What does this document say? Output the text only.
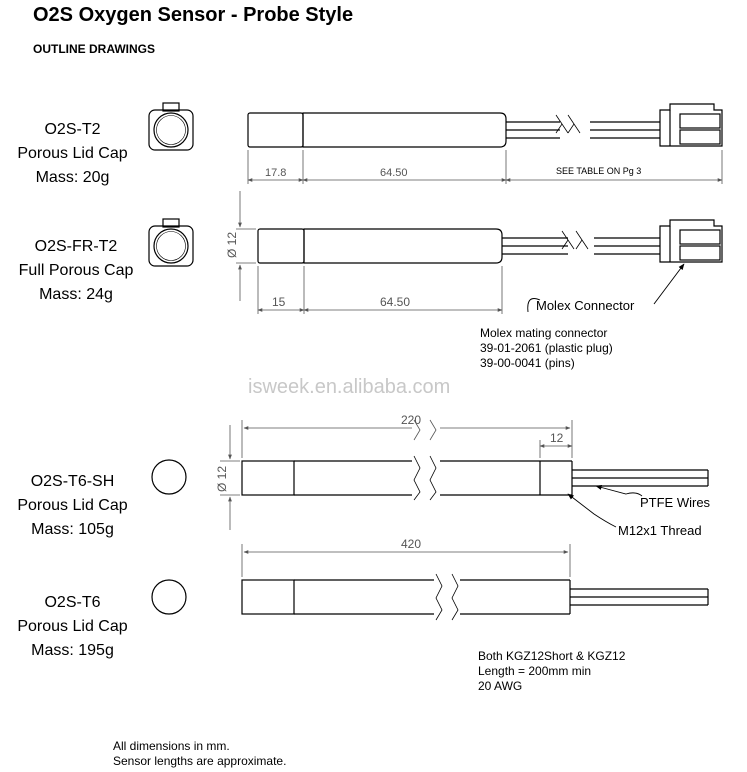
O2S Oxygen Sensor - Probe Style
OUTLINE DRAWINGS
O2S-T2
Porous Lid Cap
Mass: 20g
O2S-FR-T2
Full Porous Cap
Mass: 24g
O2S-T6-SH
Porous Lid Cap
Mass: 105g
O2S-T6
Porous Lid Cap
Mass: 195g
17.8	64.50	SEE TABLE ON Pg 3
Ø 12
15	64.50	Molex Connector
isweek.en.alibaba.com
220
12
Ø 12
PTFE Wires
M12x1 Thread
420
Molex mating connector
39-01-2061 (plastic plug)
39-00-0041 (pins)
Both KGZ12Short & KGZ12
Length = 200mm min
20 AWG
All dimensions in mm.
Sensor lengths are approximate.
